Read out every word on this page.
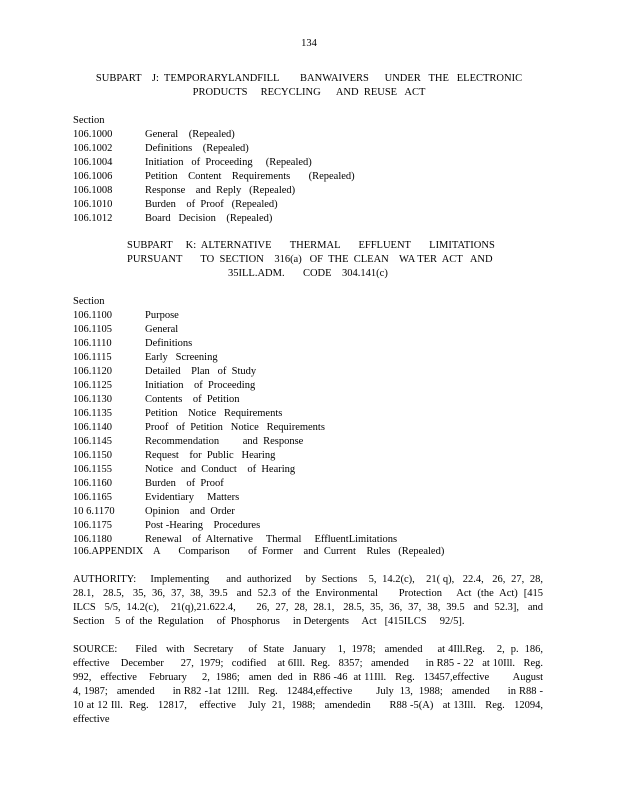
134
SUBPART    J:  TEMPORARYLANDFILL        BANWAIVERS      UNDER   THE   ELECTRONIC
PRODUCTS     RECYCLING      AND  REUSE   ACT
Section
106.1000	General    (Repealed)
106.1002	Definitions    (Repealed)
106.1004	Initiation   of  Proceeding     (Repealed)
106.1006	Petition    Content    Requirements       (Repealed)
106.1008	Response    and  Reply   (Repealed)
106.1010	Burden    of  Proof   (Repealed)
106.1012	Board   Decision    (Repealed)
SUBPART     K:  ALTERNATIVE       THERMAL       EFFLUENT       LIMITATIONS
PURSUANT       TO  SECTION    316(a)   OF  THE  CLEAN    WA TER  ACT   AND
35ILL.ADM.       CODE    304.141(c)
Section
106.1100	Purpose
106.1105	General
106.1110	Definitions
106.1115	Early   Screening
106.1120	Detailed    Plan   of  Study
106.1125	Initiation    of  Proceeding
106.1130	Contents    of  Petition
106.1135	Petition    Notice   Requirements
106.1140	Proof   of  Petition   Notice   Requirements
106.1145	Recommendation         and  Response
106.1150	Request    for  Public   Hearing
106.1155	Notice   and  Conduct    of  Hearing
106.1160	Burden    of  Proof
106.1165	Evidentiary     Matters
10 6.1170	Opinion    and  Order
106.1175	Post -Hearing    Procedures
106.1180	Renewal    of  Alternative     Thermal     EffluentLimitations
106.APPENDIX A       Comparison       of  Former    and  Current    Rules   (Repealed)
AUTHORITY:     Implementing      and  authorized     by  Sections    5,  14.2(c),    21( q),   22.4,   26,  27,  28, 28.1,   28.5,   35,  36,  37,  38,  39.5   and  52.3  of  the  Environmental       Protection     Act  (the  Act)  [415 ILCS   5/5,  14.2(c),    21(q),21.622.4,       26,  27,  28,  28.1,   28.5,  35,  36,  37,  38,  39.5   and  52.3],   and Section    5  of  the  Regulation     of  Phosphorus     in Detergents     Act   [415ILCS     92/5].
SOURCE:      Filed   with   Secretary     of  State   January    1,  1978;   amended     at 4Ill.Reg.    2,  p.  186, effective    December      27,  1979;   codified    at 6Ill.  Reg.   8357;   amended      in R85 - 22   at 10Ill.   Reg. 992,   effective    February     2,  1986;   amen  ded  in  R86 -46  at 11Ill.   Reg.   13457,effective        August    4, 1987;   amended      in R82 -1at  12Ill.   Reg.   12484,effective        July  13,  1988;   amended      in R88 -   10 at 12 Ill.  Reg.   12817,    effective    July  21,  1988;   amendedin      R88 -5(A)   at 13Ill.   Reg.   12094,    effective
